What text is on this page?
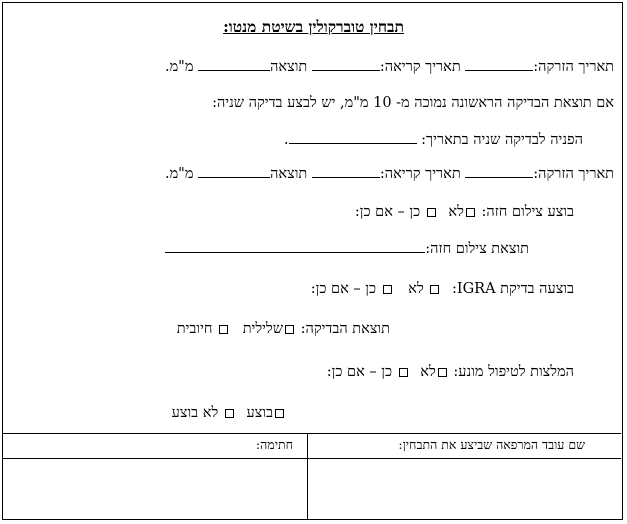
תבחין טוברקולין בשיטת מנטו:
תאריך הזרקה: תאריך קריאה: תוצאה מ"מ.
אם תוצאת הבדיקה הראשונה נמוכה מ- 10 מ"מ, יש לבצע בדיקה שניה:
הפניה לבדיקה שניה בתאריך: .
תאריך הזרקה: תאריך קריאה: תוצאה מ"מ.
בוצע צילום חזה: לא  כן – אם כן:
תוצאת צילום חזה:
בוצעה בדיקת IGRA:  לא  כן – אם כן:
תוצאת הבדיקה: שלילית  חיובית
המלצות לטיפול מונע: לא  כן – אם כן:
בוצע  לא בוצע
שם עובד המרפאה שביצע את התבחין:
חתימה:
